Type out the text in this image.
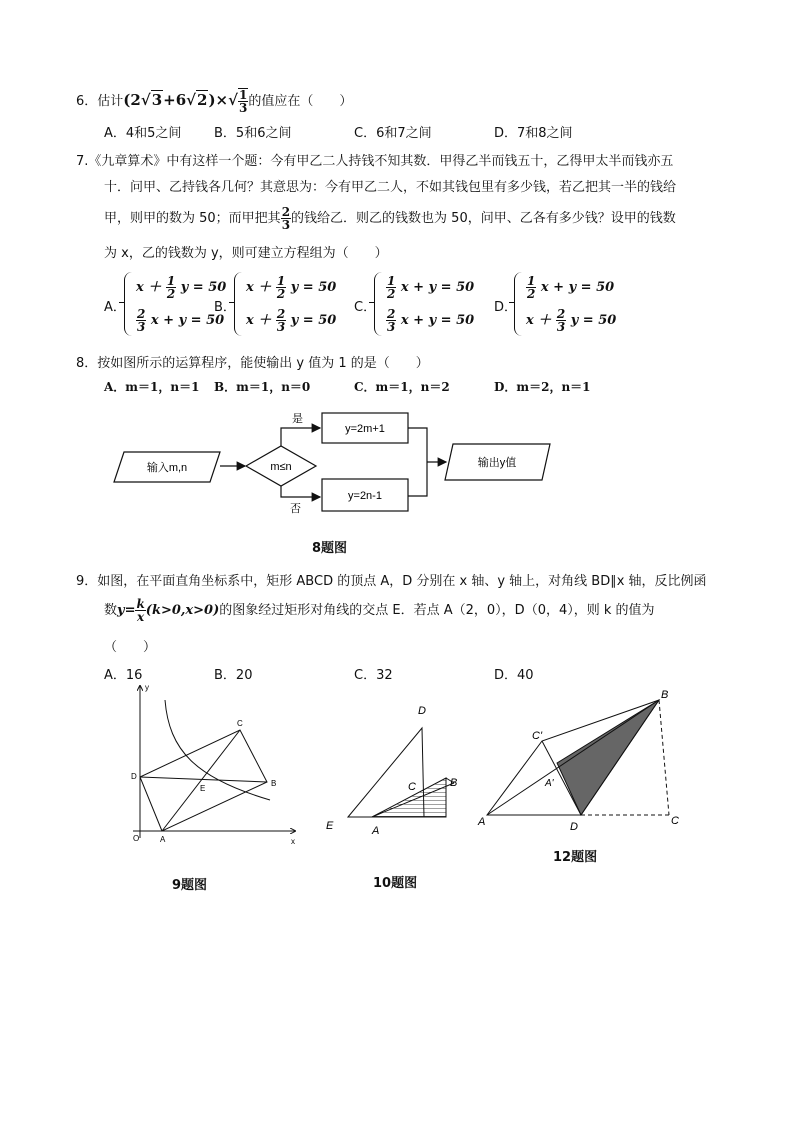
6．估计$(2√3+6√2)\times√ \frac{1}{3}$ 的值应在（　　）
A．4和5之间	B．5和6之间	C．6和7之间	D．7和8之间
7.《九章算术》中有这样一个题：今有甲乙二人持钱不知其数．甲得乙半而钱五十，乙得甲太半而钱亦五
十．问甲、乙持钱各几何？其意思为：今有甲乙二人，不如其钱包里有多少钱，若乙把其一半的钱给
甲，则甲的数为 50；而甲把其 $\frac{2}{3}$ 的钱给乙．则乙的钱数也为 50，问甲、乙各有多少钱？设甲的钱数
为 x，乙的钱数为 y，则可建立方程组为（　　）
A．
$x + \frac{1}{2}$ y = 50
$\frac{2}{3}$ x + y = 50
B．
$x + \frac{1}{2}$ y = 50
$x + \frac{2}{3}$ y = 50
C．
$\frac{1}{2}$ x + y = 50
$\frac{2}{3}$ x + y = 50
D．
$\frac{1}{2}$ x + y = 50
$x + \frac{2}{3}$ y = 50
8．按如图所示的运算程序，能使输出 y 值为 1 的是（　　）
A．m＝1，n＝1 B．m＝1，n＝0	C．m＝1，n＝2	D．m＝2，n＝1
输入m,n	m≤n
是
否
y=2m+1
y=2n-1
输出y值
8题图
9．如图，在平面直角坐标系中，矩形 ABCD 的顶点 A，D 分别在 x 轴、y 轴上，对角线 BD∥x 轴，反比例函
数$y= \frac{k}{x} (k>0,x>0)$的图象经过矩形对角线的交点 E．若点 A（2，0），D（0，4），则 k 的值为
（　　）
A．16	B．20	C．32	D．40
y
C
D
E
B
O	A	x
9题图
D
C	B
E	A
10题图
B
C'
A'
A	D	C
12题图
